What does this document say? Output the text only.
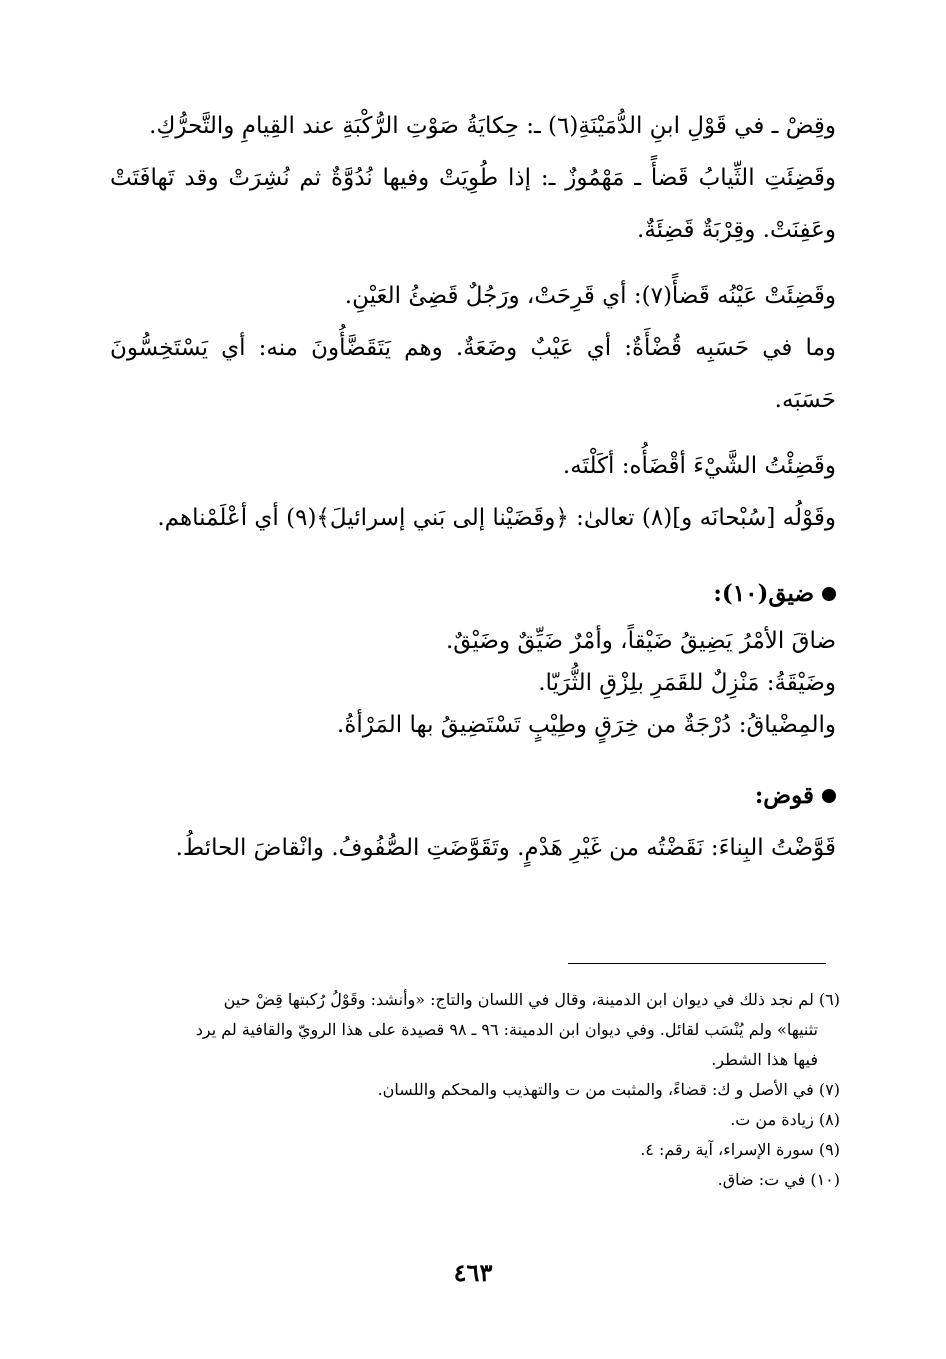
وقِضْ ـ في قَوْلِ ابنِ الدُّمَيْنَةِ(٦) ـ: حِكايَةُ صَوْتِ الرُّكْبَةِ عند القِيامِ والتَّحرُّكِ.

وقَضِئَتِ الثِّيابُ قَضأً ـ مَهْمُوزٌ ـ: إذا طُوِيَتْ وفيها نُدُوَّةٌ ثم نُشِرَتْ وقد تَهافَتَتْ وعَفِنَتْ. وقِرْبَةٌ قَضِئَةٌ.

وقَضِئَتْ عَيْنُه قَضأً(٧): أي قَرِحَتْ، ورَجُلٌ قَضِئُ العَيْنِ.

وما في حَسَبِه قُضْأَةٌ: أي عَيْبٌ وضَعَةٌ. وهم يَتَقَضَّأُونَ منه: أي يَسْتَخِسُّونَ حَسَبَه.

وقَضِئْتُ الشَّيْءَ أقْضَأُه: أكَلْتَه.

وقَوْلُه [سُبْحانَه و](٨) تعالىٰ: ﴿وقَضَيْنا إلى بَني إسرائيلَ﴾(٩) أي أعْلَمْناهم.

ضيق(١٠):

ضاقَ الأمْرُ يَضِيقُ ضَيْقاً، وأمْرٌ ضَيِّقٌ وضَيْقٌ.

وضَيْقَةُ: مَنْزِلٌ للقَمَرِ بلِزْقِ الثُّرَيّا.

والمِضْياقُ: دُرْجَةٌ من خِرَقٍ وطِيْبٍ تَسْتَضِيقُ بها المَرْأةُ.

قوض:

قَوَّضْتُ البِناءَ: نَقَضْتُه من غَيْرِ هَدْمٍ. وتَقَوَّضَتِ الصُّفُوفُ. وانْقاضَ الحائطُ.

(٦) لم نجد ذلك في ديوان ابن الدمينة، وقال في اللسان والتاج: «وأنشد: وقَوْلُ رُكبتها قِضْ حين

تثنيها» ولم يُنْسَب لقائل. وفي ديوان ابن الدمينة: ٩٦ ـ ٩٨ قصيدة على هذا الرويّ والقافية لم يرد

فيها هذا الشطر.

(٧) في الأصل و ك: قضاءً، والمثبت من ت والتهذيب والمحكم واللسان.

(٨) زيادة من ت.

(٩) سورة الإسراء، آية رقم: ٤.

(١٠) في ت: ضاق.

٤٦٣
